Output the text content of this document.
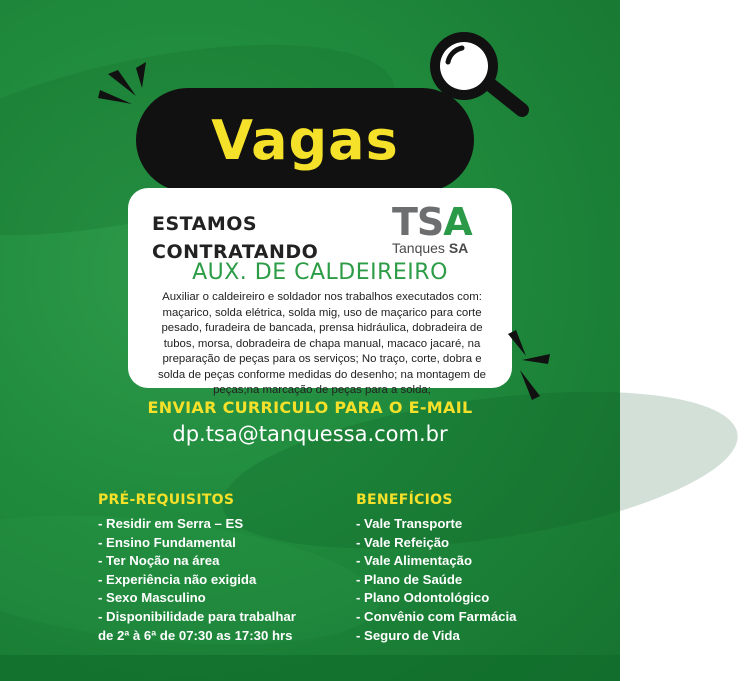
Vagas
ESTAMOS
CONTRATANDO
TSA
Tanques SA
AUX. DE CALDEIREIRO
Auxiliar o caldeireiro e soldador nos trabalhos executados com: maçarico, solda elétrica, solda mig, uso de maçarico para corte pesado, furadeira de bancada, prensa hidráulica, dobradeira de tubos, morsa, dobradeira de chapa manual, macaco jacaré, na preparação de peças para os serviços; No traço, corte, dobra e solda de peças conforme medidas do desenho; na montagem de peças;na marcação de peças para a solda;
ENVIAR CURRICULO PARA O E-MAIL
dp.tsa@tanquessa.com.br
PRÉ-REQUISITOS
- Residir em Serra – ES
- Ensino Fundamental
- Ter Noção na área
- Experiência não exigida
- Sexo Masculino
- Disponibilidade para trabalhar
de 2ª à 6ª de 07:30 as 17:30 hrs
BENEFÍCIOS
- Vale Transporte
- Vale Refeição
- Vale Alimentação
- Plano de Saúde
- Plano Odontológico
- Convênio com Farmácia
- Seguro de Vida
